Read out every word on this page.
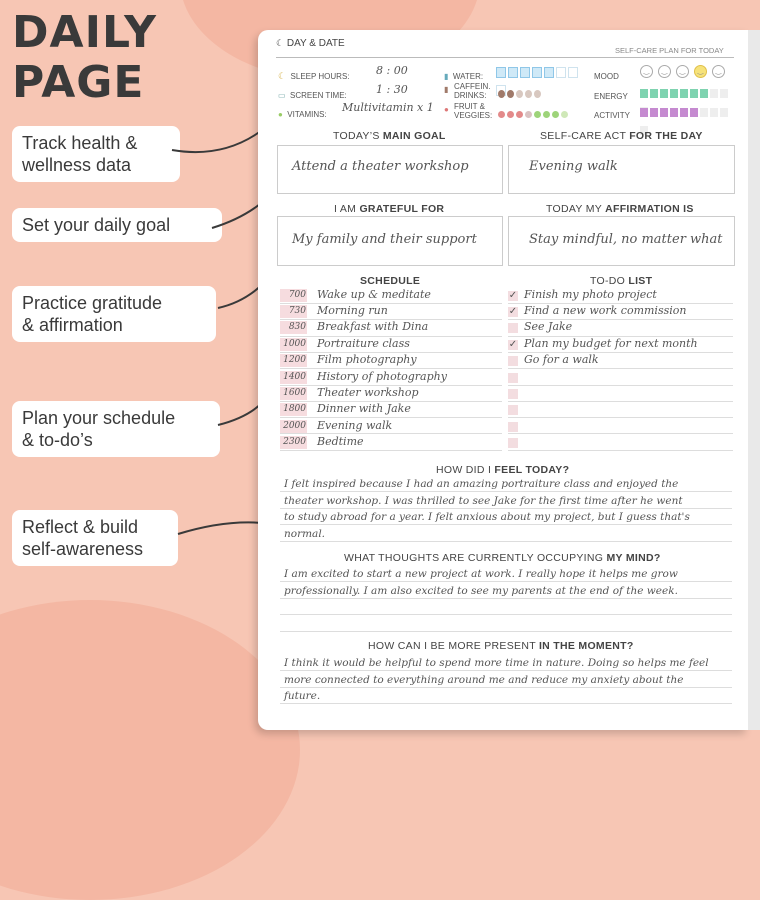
DAILY
PAGE
Track health &
wellness data
Set your daily goal
Practice gratitude
& affirmation
Plan your schedule
& to-do’s
Reflect & build
self-awareness
☾ DAY & DATE
SELF-CARE PLAN FOR TODAY
☾ SLEEP HOURS: 8 : 00
▭ SCREEN TIME:	1 : 30
● VITAMINS:
Multivitamin x 1
▮ WATER:
▮ CAFFEIN.
DRINKS:
● FRUIT &
VEGGIES:
MOOD
‿ ‿ ‿ ‿ ‿
ENERGY
ACTIVITY
TODAY’S MAIN GOAL
Attend a theater workshop
SELF-CARE ACT FOR THE DAY
Evening walk
I AM GRATEFUL FOR
My family and their support
TODAY MY AFFIRMATION IS
Stay mindful, no matter what
SCHEDULE	TO-DO LIST
700 Wake up & meditate
730 Morning run
830 Breakfast with Dina
1000 Portraiture class
1200 Film photography
1400 History of photography
1600 Theater workshop
1800 Dinner with Jake
2000 Evening walk
2300 Bedtime
✓ Finish my photo project
✓ Find a new work commission
See Jake
✓ Plan my budget for next month
Go for a walk
HOW DID I FEEL TODAY?
I felt inspired because I had an amazing portraiture class and enjoyed the
theater workshop. I was thrilled to see Jake for the first time after he went
to study abroad for a year. I felt anxious about my project, but I guess that's
normal.
WHAT THOUGHTS ARE CURRENTLY OCCUPYING MY MIND?
I am excited to start a new project at work. I really hope it helps me grow
professionally. I am also excited to see my parents at the end of the week.
HOW CAN I BE MORE PRESENT IN THE MOMENT?
I think it would be helpful to spend more time in nature. Doing so helps me feel
more connected to everything around me and reduce my anxiety about the
future.
